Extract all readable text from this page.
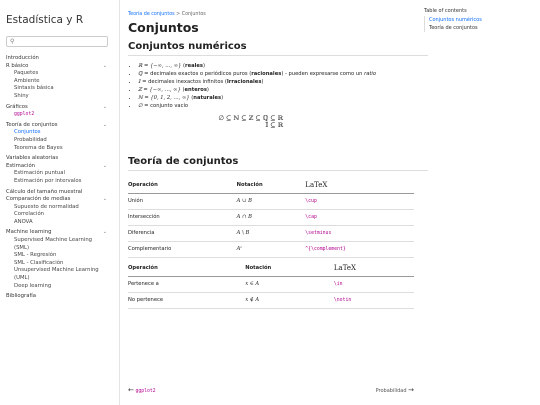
Estadística y R
⚲
Introducción
R básico	⌄
Paquetes
Ambiente
Sintaxis básica
Shiny
Gráficos	⌄
ggplot2
Teoría de conjuntos	⌄
Conjuntos
Probabilidad
Teorema de Bayes
Variables aleatorias
Estimación	⌄
Estimación puntual
Estimación por intervalos
Cálculo del tamaño muestral
Comparación de medias	⌄
Supuesto de normalidad
Correlación
ANOVA
Machine learning	⌄
Supervised Machine Learning (SML)
SML - Regresión
SML - Clasificación
Unsupervised Machine Learning (UML)
Deep learning
Bibliografía
Teoría de conjuntos > Conjuntos
Conjuntos
Conjuntos numéricos
• ℝ = {−∞, …, ∞} (reales)
• ℚ = decimales exactos o periódicos puros (racionales) - pueden expresarse como un ratio
• 𝕀 = decimales inexactos infinitos (Irracionales)
• ℤ = {−∞, …, ∞} (enteros)
• ℕ = {0, 1, 2, …, ∞} (naturales)
• ∅ = conjunto vacío
∅ ⊆ ℕ ⊆ ℤ ⊆ ℚ ⊆ ℝ
𝕀 ⊆ ℝ
Teoría de conjuntos
Operación	Notación	LaTeX
Unión	A ∪ B	\cup
Intersección	A ∩ B	\cap
Diferencia	A \ B	\setminus
Complementario	Aᶜ	^{\complement}
Operación	Notación	LaTeX
Pertenece a	x ∈ A	\in
No pertenece	x ∉ A	\notin
← ggplot2	Probabilidad →
Table of contents
Conjuntos numéricos
Teoría de conjuntos
